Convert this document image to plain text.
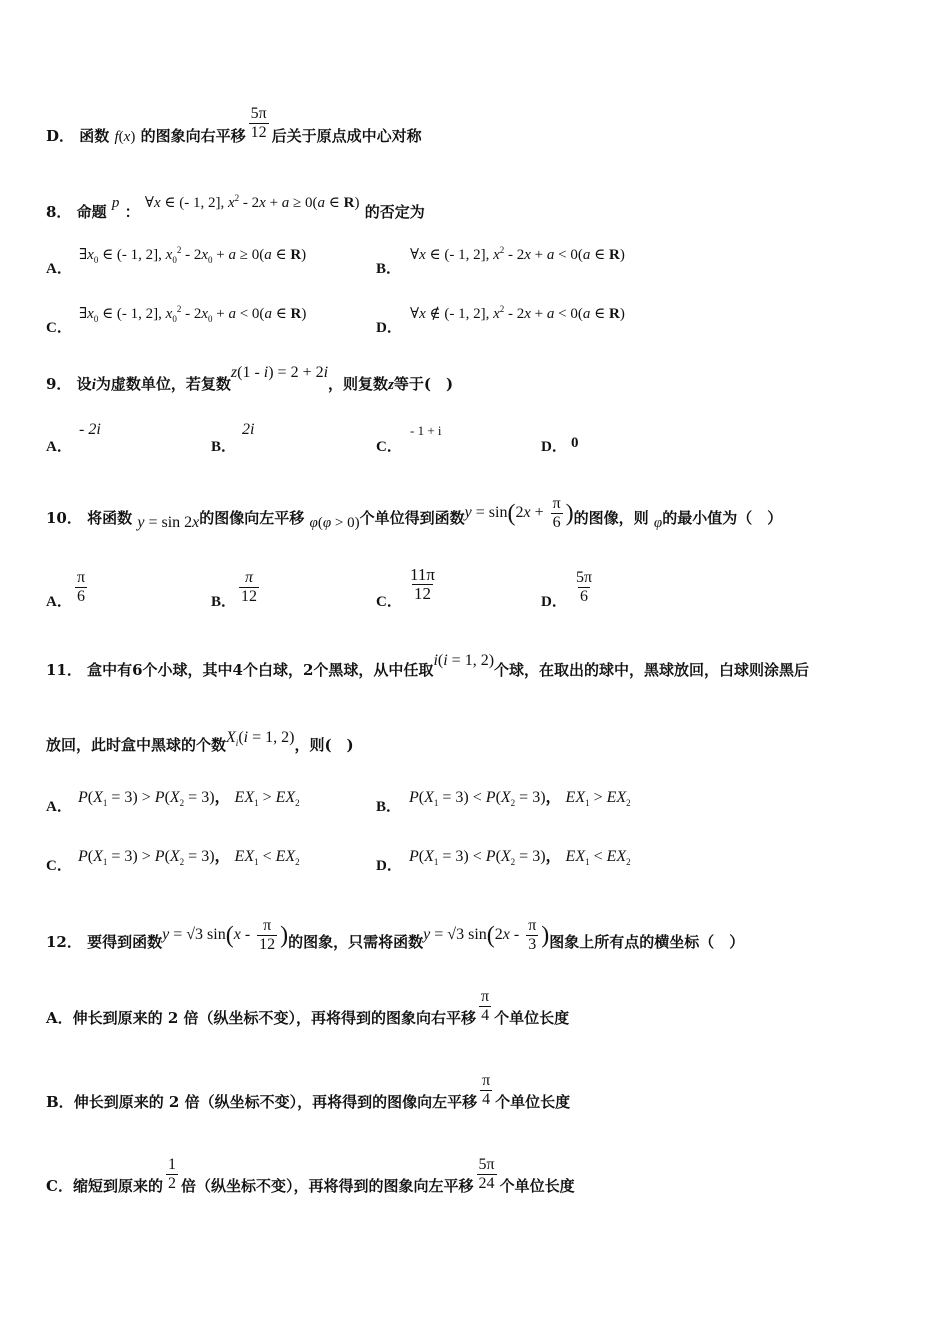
D． 函数 f(x) 的图象向右平移 $\frac{5\pi}{12}$ 后关于原点成中心对称
8． 命题 p ： ∀x ∈ (- 1, 2], $x^2 - 2x + a \ge 0(a$ ∈ R) 的否定为
A．
$\exists x_0$ ∈ (- 1, 2], $x_0^2 - 2x_0 + a \ge 0(a$ ∈ R)
B．
∀x ∈ (- 1, 2], $x^2 - 2x + a < 0(a$ ∈ R)
C．
$\exists x_0$ ∈ (- 1, 2], $x_0^2 - 2x_0 + a < 0(a$ ∈ R)
D．
∀x ∉ (- 1, 2], $x^2 - 2x + a < 0(a$ ∈ R)
9． 设i为虚数单位，若复数z(1 - i) = 2 + 2i，则复数z等于(　)
A．
- 2i
B．
2i
C．
- 1 + i
D． 0
10． 将函数 y = sin 2x的图像向左平移 φ(φ > 0)个单位得到函数$y = \sin(2x + \frac{\pi}{6}$ )的图像，则 φ的最小值为（　）
A． $\frac{\pi}{6}$	B． $\frac{\pi}{12}$	C． $\frac{11\pi}{12}$	D． $\frac{5\pi}{6}$
11． 盒中有6个小球，其中4个白球，2个黑球，从中任取i(i = 1, 2)个球，在取出的球中，黑球放回，白球则涂黑后
放回，此时盒中黑球的个数$X_i(i = 1$, 2)，则(　)
A．
$P(X_1 = 3) > P(X_2 = 3)$， $EX_1 > EX_2$	B．
$P(X_1 = 3) < P(X_2 = 3)$， $EX_1 > EX_2$
C．
$P(X_1 = 3) > P(X_2 = 3)$， $EX_1 < EX_2$	D．
$P(X_1 = 3) < P(X_2 = 3)$， $EX_1 < EX_2$
12． 要得到函数y = √3 $\sin(x - \frac{\pi}{12}$ )的图象，只需将函数y = √3 $\sin(2x - \frac{\pi}{3}$ )图象上所有点的横坐标（　）
A．伸长到原来的 2 倍（纵坐标不变），再将得到的图象向右平移 $\frac{\pi}{4}$ 个单位长度
B．伸长到原来的 2 倍（纵坐标不变），再将得到的图像向左平移 $\frac{\pi}{4}$ 个单位长度
C．缩短到原来的 $\frac{1}{2}$ 倍（纵坐标不变），再将得到的图象向左平移 $\frac{5\pi}{24}$ 个单位长度
